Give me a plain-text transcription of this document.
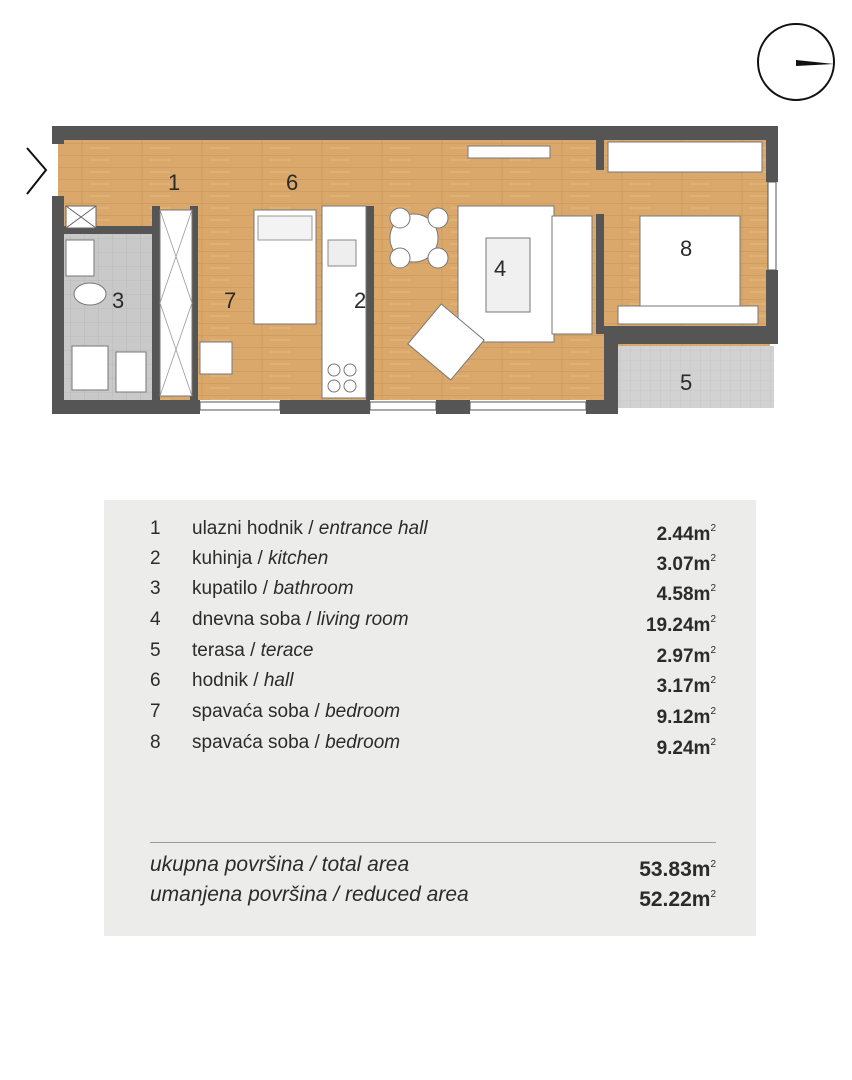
1
2
3
4
5
6
7
8
1 ulazni hodnik / entrance hall	$2.44m^2$
2 kuhinja / kitchen	$3.07m^2$
3 kupatilo / bathroom	$4.58m^2$
4 dnevna soba / living room	$19.24m^2$
5 terasa / terace	$2.97m^2$
6 hodnik / hall	$3.17m^2$
7 spavaća soba / bedroom	$9.12m^2$
8 spavaća soba / bedroom	$9.24m^2$
ukupna površina / total area	$53.83m^2$
umanjena površina / reduced area	$52.22m^2$
